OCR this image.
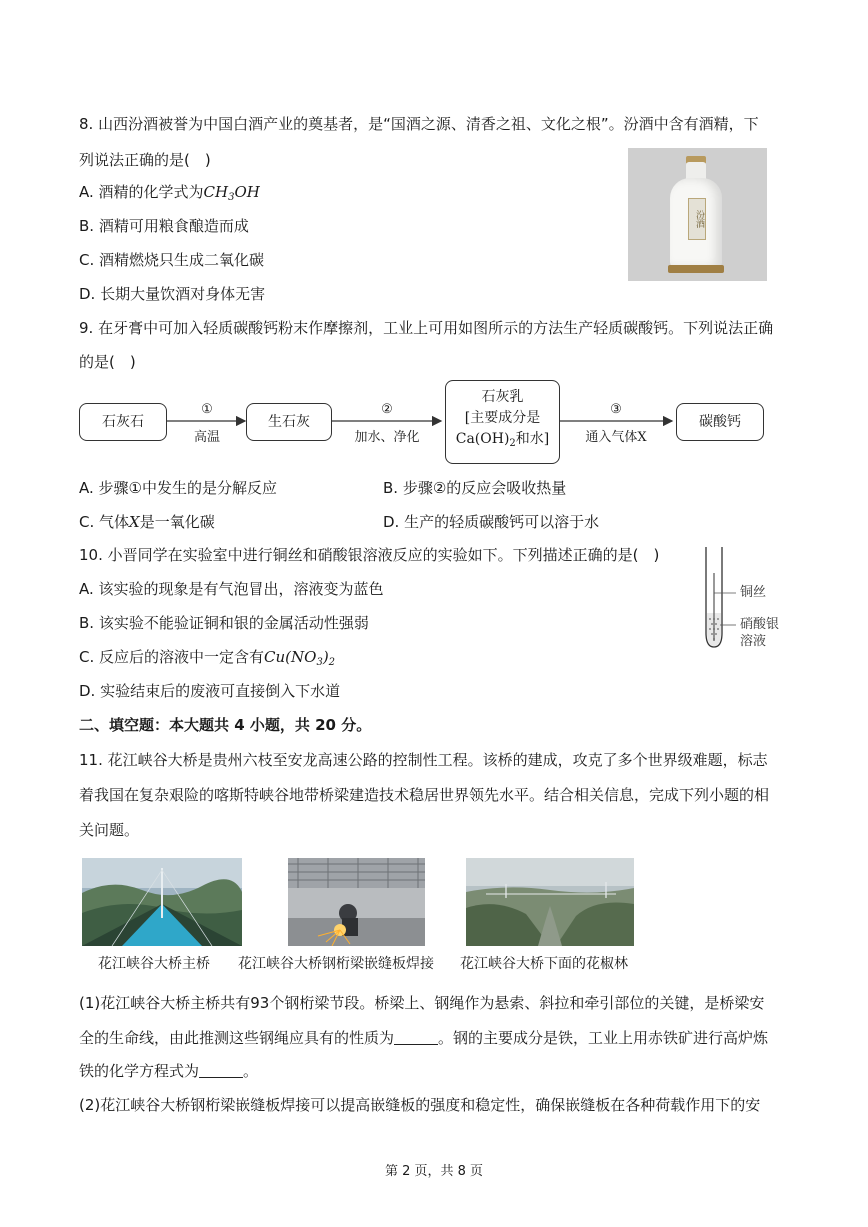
8. 山西汾酒被誉为中国白酒产业的奠基者，是“国酒之源、清香之祖、文化之根”。汾酒中含有酒精，下
列说法正确的是(　)
A. 酒精的化学式为$CH_3OH$
B. 酒精可用粮食酿造而成
C. 酒精燃烧只生成二氧化碳
D. 长期大量饮酒对身体无害
汾酒
9. 在牙膏中可加入轻质碳酸钙粉末作摩擦剂，工业上可用如图所示的方法生产轻质碳酸钙。下列说法正确
的是(　)
石灰石	生石灰
石灰乳
[主要成分是
$Ca(OH)_2$和水]
碳酸钙
①
高温
②
加水、净化
③
通入气体X
A. 步骤①中发生的是分解反应	B. 步骤②的反应会吸收热量
C. 气体X是一氧化碳	D. 生产的轻质碳酸钙可以溶于水
10. 小晋同学在实验室中进行铜丝和硝酸银溶液反应的实验如下。下列描述正确的是(　)
A. 该实验的现象是有气泡冒出，溶液变为蓝色
B. 该实验不能验证铜和银的金属活动性强弱
C. 反应后的溶液中一定含有$Cu(NO_3)_2$
D. 实验结束后的废液可直接倒入下水道
铜丝
硝酸银
溶液
二、填空题：本大题共 4 小题，共 20 分。
11. 花江峡谷大桥是贵州六枝至安龙高速公路的控制性工程。该桥的建成，攻克了多个世界级难题，标志
着我国在复杂艰险的喀斯特峡谷地带桥梁建造技术稳居世界领先水平。结合相关信息，完成下列小题的相
关问题。
花江峡谷大桥主桥 花江峡谷大桥钢桁梁嵌缝板焊接 花江峡谷大桥下面的花椒林
(1)花江峡谷大桥主桥共有93个钢桁梁节段。桥梁上、钢绳作为悬索、斜拉和牵引部位的关键，是桥梁安
全的生命线，由此推测这些钢绳应具有的性质为	。钢的主要成分是铁，工业上用赤铁矿进行高炉炼
铁的化学方程式为	。
(2)花江峡谷大桥钢桁梁嵌缝板焊接可以提高嵌缝板的强度和稳定性，确保嵌缝板在各种荷载作用下的安
第 2 页，共 8 页
